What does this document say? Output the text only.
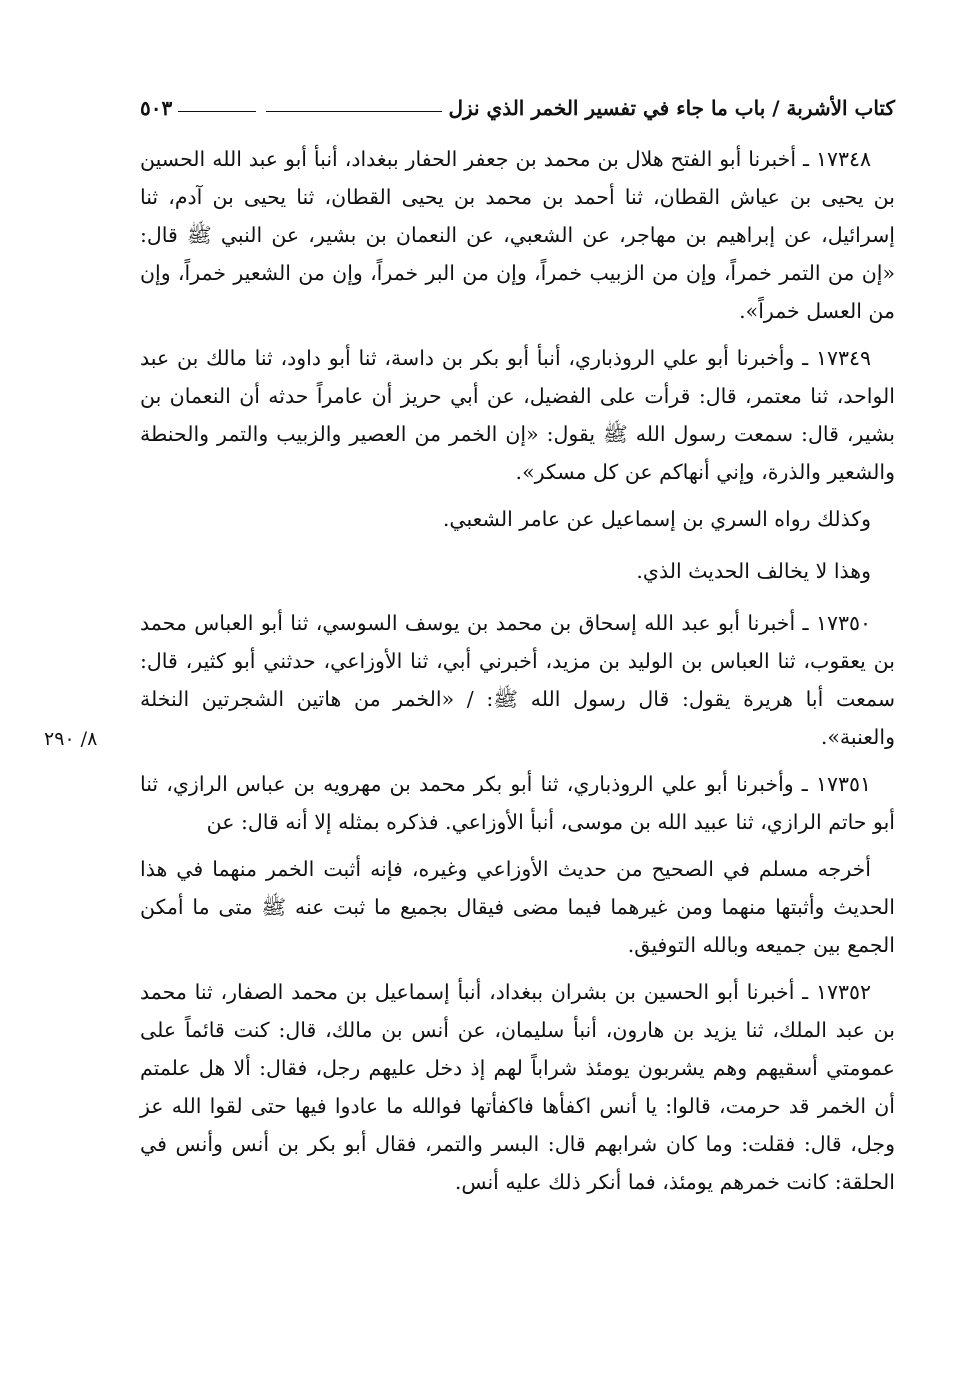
كتاب الأشربة / باب ما جاء في تفسير الخمر الذي نزل
٥٠٣

١٧٣٤٨ ـ أخبرنا أبو الفتح هلال بن محمد بن جعفر الحفار ببغداد، أنبأ أبو عبد الله الحسين بن يحيى بن عياش القطان، ثنا أحمد بن محمد بن يحيى القطان، ثنا يحيى بن آدم، ثنا إسرائيل، عن إبراهيم بن مهاجر، عن الشعبي، عن النعمان بن بشير، عن النبي ﷺ قال: «إن من التمر خمراً، وإن من الزبيب خمراً، وإن من البر خمراً، وإن من الشعير خمراً، وإن من العسل خمراً».

١٧٣٤٩ ـ وأخبرنا أبو علي الروذباري، أنبأ أبو بكر بن داسة، ثنا أبو داود، ثنا مالك بن عبد الواحد، ثنا معتمر، قال: قرأت على الفضيل، عن أبي حريز أن عامراً حدثه أن النعمان بن بشير، قال: سمعت رسول الله ﷺ يقول: «إن الخمر من العصير والزبيب والتمر والحنطة والشعير والذرة، وإني أنهاكم عن كل مسكر».

وكذلك رواه السري بن إسماعيل عن عامر الشعبي.

وهذا لا يخالف الحديث الذي.

١٧٣٥٠ ـ أخبرنا أبو عبد الله إسحاق بن محمد بن يوسف السوسي، ثنا أبو العباس محمد بن يعقوب، ثنا العباس بن الوليد بن مزيد، أخبرني أبي، ثنا الأوزاعي، حدثني أبو كثير، قال: سمعت أبا هريرة يقول: قال رسول الله ﷺ: / «الخمر من هاتين الشجرتين النخلة والعنبة».

١٧٣٥١ ـ وأخبرنا أبو علي الروذباري، ثنا أبو بكر محمد بن مهرويه بن عباس الرازي، ثنا أبو حاتم الرازي، ثنا عبيد الله بن موسى، أنبأ الأوزاعي. فذكره بمثله إلا أنه قال: عن

أخرجه مسلم في الصحيح من حديث الأوزاعي وغيره، فإنه أثبت الخمر منهما في هذا الحديث وأثبتها منهما ومن غيرهما فيما مضى فيقال بجميع ما ثبت عنه ﷺ متى ما أمكن الجمع بين جميعه وبالله التوفيق.

١٧٣٥٢ ـ أخبرنا أبو الحسين بن بشران ببغداد، أنبأ إسماعيل بن محمد الصفار، ثنا محمد بن عبد الملك، ثنا يزيد بن هارون، أنبأ سليمان، عن أنس بن مالك، قال: كنت قائماً على عمومتي أسقيهم وهم يشربون يومئذ شراباً لهم إذ دخل عليهم رجل، فقال: ألا هل علمتم أن الخمر قد حرمت، قالوا: يا أنس اكفأها فاكفأتها فوالله ما عادوا فيها حتى لقوا الله عز وجل، قال: فقلت: وما كان شرابهم قال: البسر والتمر، فقال أبو بكر بن أنس وأنس في الحلقة: كانت خمرهم يومئذ، فما أنكر ذلك عليه أنس.

٨/ ٢٩٠
